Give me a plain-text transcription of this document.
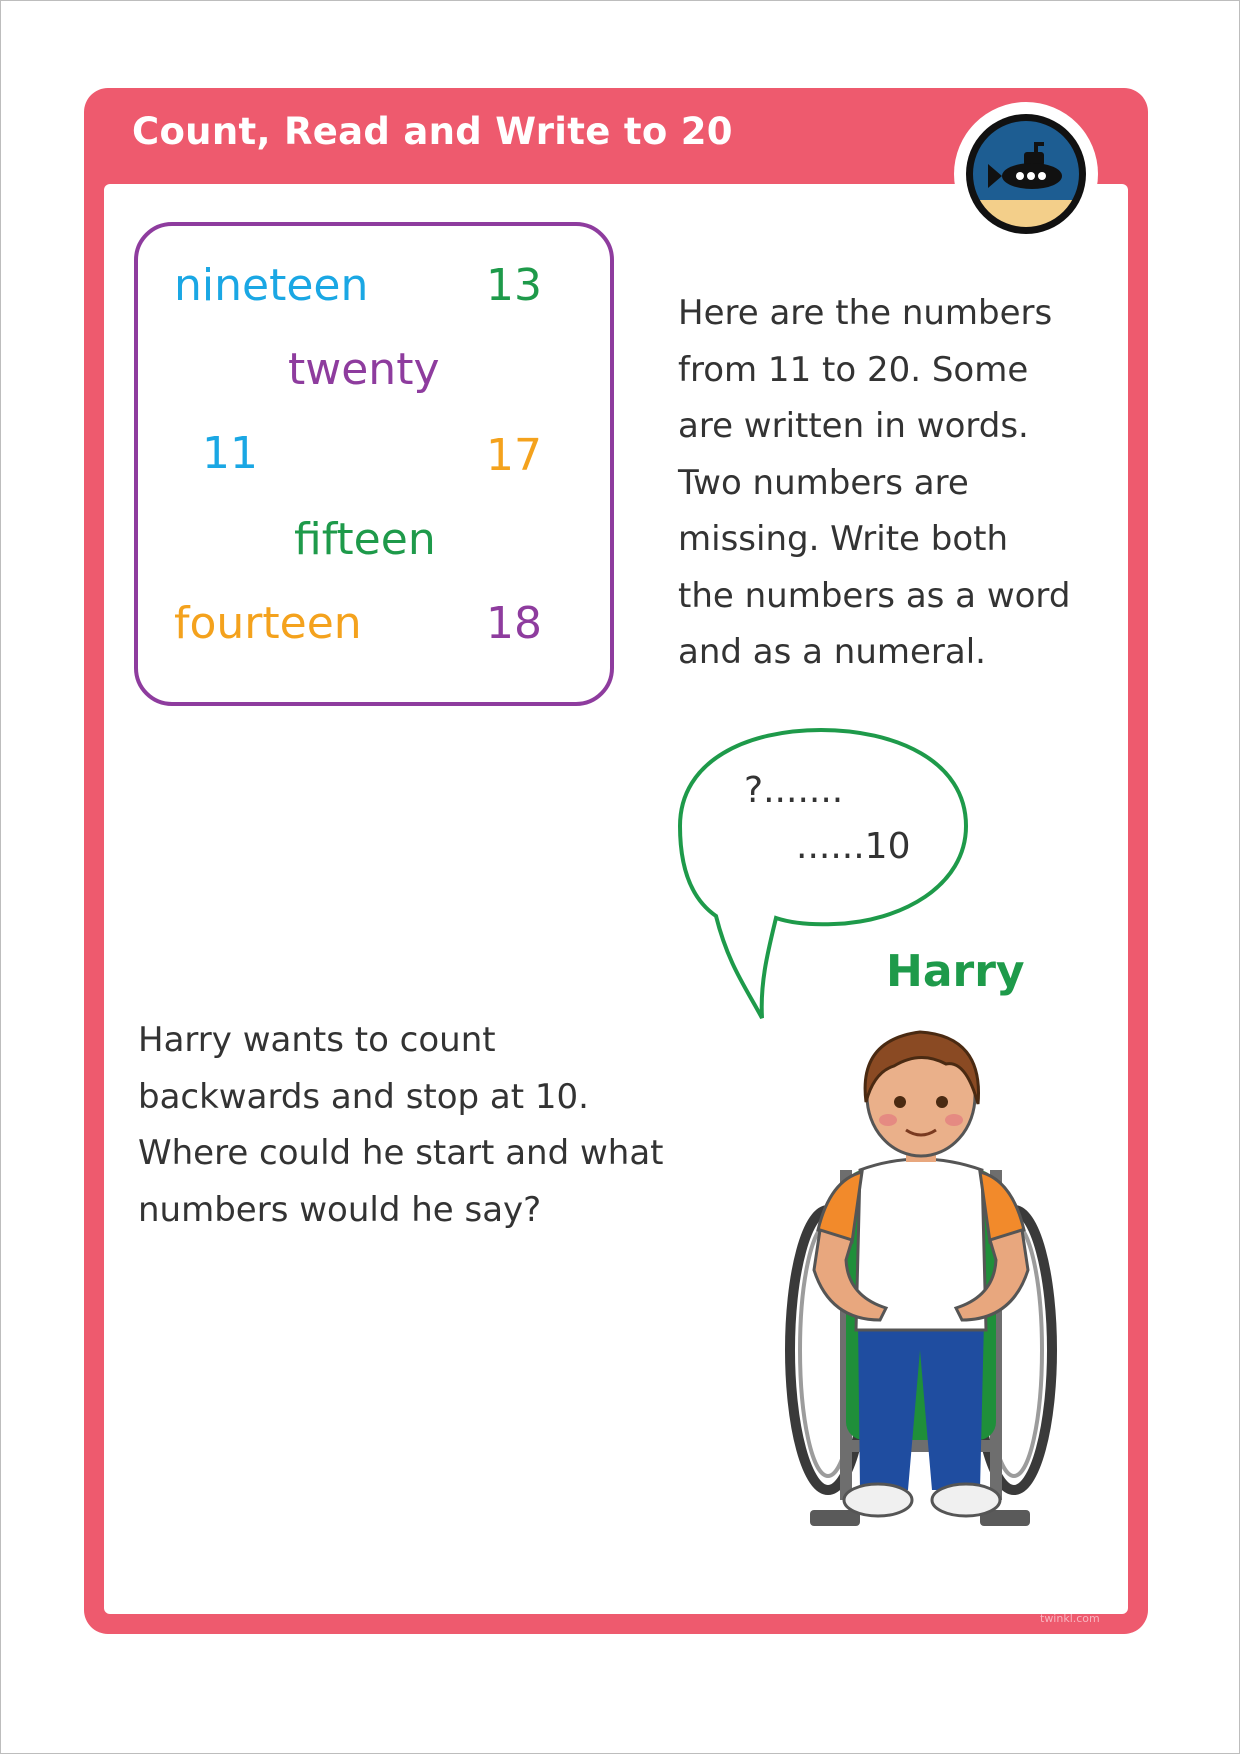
Count, Read and Write to 20
nineteen	13
twenty
11	17
fifteen
fourteen	18
Here are the numbers
from 11 to 20. Some
are written in words.
Two numbers are
missing. Write both
the numbers as a word
and as a numeral.
?.......
......10
Harry
Harry wants to count
backwards and stop at 10.
Where could he start and what
numbers would he say?
twinkl.com
